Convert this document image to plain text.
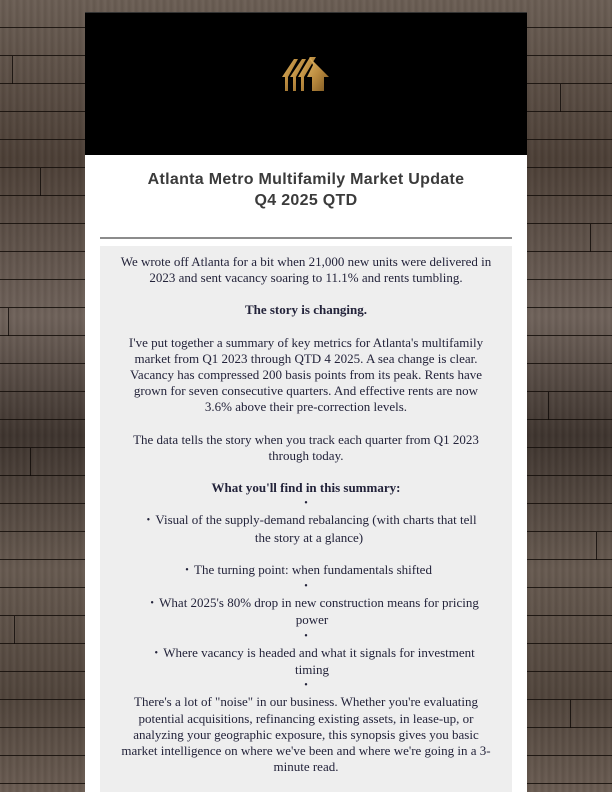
Atlanta Metro Multifamily Market Update
Q4 2025 QTD

We wrote off Atlanta for a bit when 21,000 new units were delivered in 2023 and sent vacancy soaring to 11.1% and rents tumbling.

The story is changing.

I've put together a summary of key metrics for Atlanta's multifamily market from Q1 2023 through QTD 4 2025. A sea change is clear. Vacancy has compressed 200 basis points from its peak. Rents have grown for seven consecutive quarters. And effective rents are now 3.6% above their pre-correction levels.

The data tells the story when you track each quarter from Q1 2023 through today.

What you'll find in this summary:

•
• Visual of the supply-demand rebalancing (with charts that tell the story at a glance)
• The turning point: when fundamentals shifted
•
• What 2025's 80% drop in new construction means for pricing power
•
• Where vacancy is headed and what it signals for investment timing
•

There's a lot of "noise" in our business. Whether you're evaluating potential acquisitions, refinancing existing assets, in lease-up, or analyzing your geographic exposure, this synopsis gives you basic market intelligence on where we've been and where we're going in a 3-minute read.
